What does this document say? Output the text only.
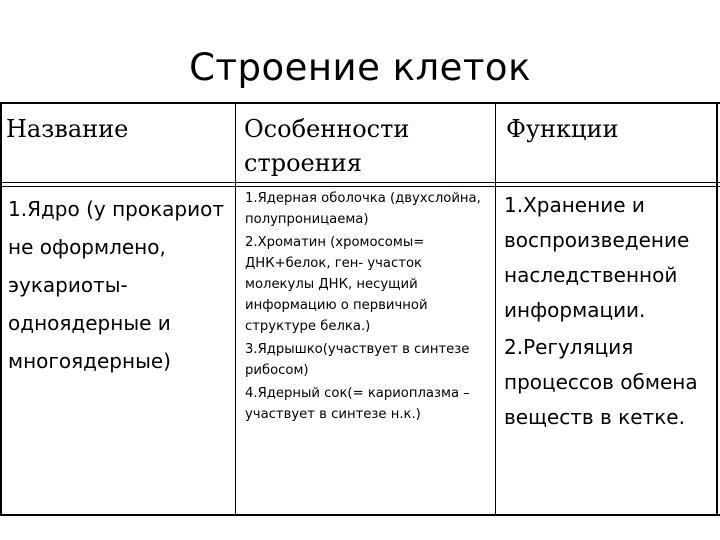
Строение клеток
Название	Особенности строения
Функции
1.Ядро (у прокариот не оформлено, эукариоты- одноядерные и многоядерные)

1.Ядерная оболочка (двухслойна, полупроницаема)

2.Хроматин (хромосомы= ДНК+белок, ген- участок молекулы ДНК, несущий информацию о первичной структуре белка.)

3.Ядрышко(участвует в синтезе рибосом)

4.Ядерный сок(= кариоплазма – участвует в синтезе н.к.)

1.Хранение и воспроизведение наследственной информации.

2.Регуляция процессов обмена веществ в кетке.
